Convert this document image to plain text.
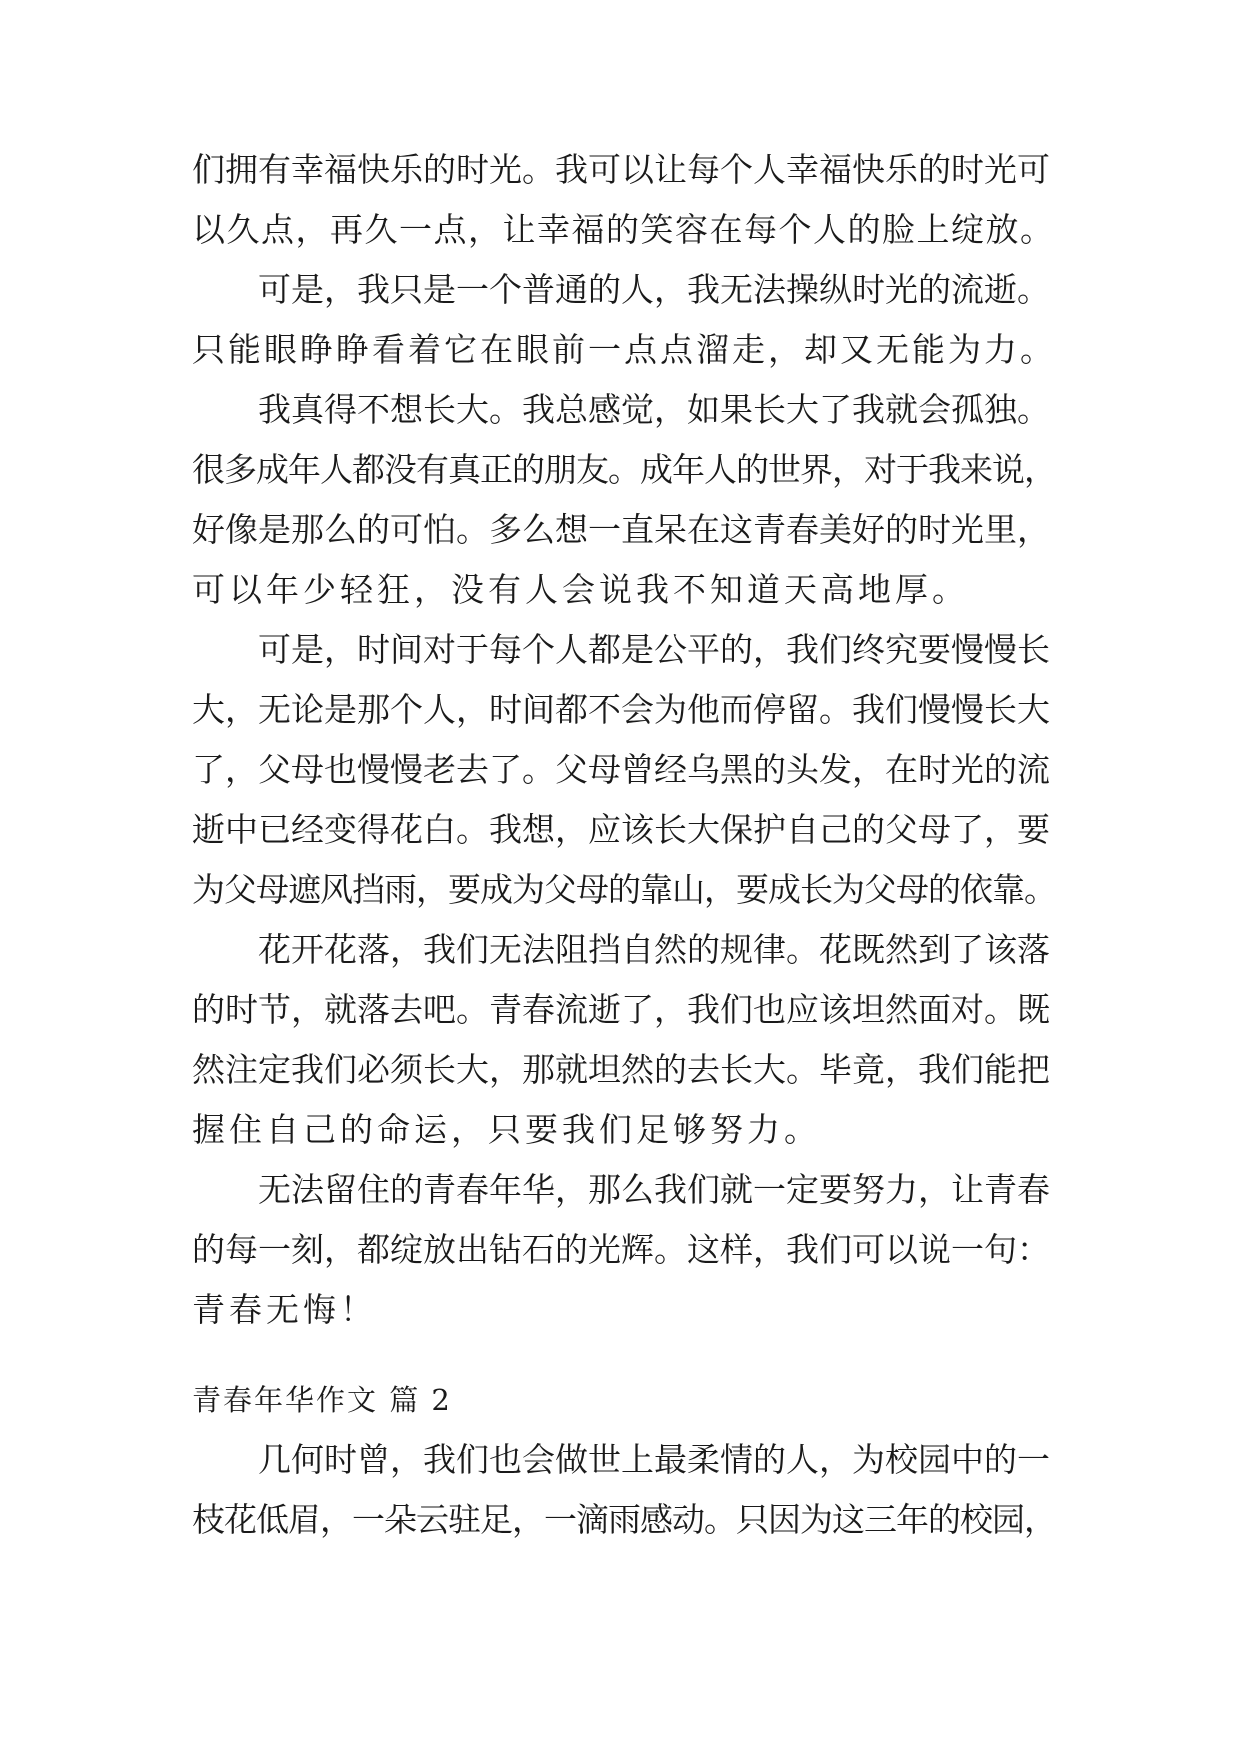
们拥有幸福快乐的时光。我可以让每个人幸福快乐的时光可
以久点，再久一点，让幸福的笑容在每个人的脸上绽放。
可是，我只是一个普通的人，我无法操纵时光的流逝。
只能眼睁睁看着它在眼前一点点溜走，却又无能为力。
我真得不想长大。我总感觉，如果长大了我就会孤独。
很多成年人都没有真正的朋友。成年人的世界，对于我来说，
好像是那么的可怕。多么想一直呆在这青春美好的时光里，
可以年少轻狂，没有人会说我不知道天高地厚。
可是，时间对于每个人都是公平的，我们终究要慢慢长
大，无论是那个人，时间都不会为他而停留。我们慢慢长大
了，父母也慢慢老去了。父母曾经乌黑的头发，在时光的流
逝中已经变得花白。我想，应该长大保护自己的父母了，要
为父母遮风挡雨，要成为父母的靠山，要成长为父母的依靠。
花开花落，我们无法阻挡自然的规律。花既然到了该落
的时节，就落去吧。青春流逝了，我们也应该坦然面对。既
然注定我们必须长大，那就坦然的去长大。毕竟，我们能把
握住自己的命运，只要我们足够努力。
无法留住的青春年华，那么我们就一定要努力，让青春
的每一刻，都绽放出钻石的光辉。这样，我们可以说一句：
青春无悔！
青春年华作文 篇 2
几何时曾，我们也会做世上最柔情的人，为校园中的一
枝花低眉，一朵云驻足，一滴雨感动。只因为这三年的校园，
